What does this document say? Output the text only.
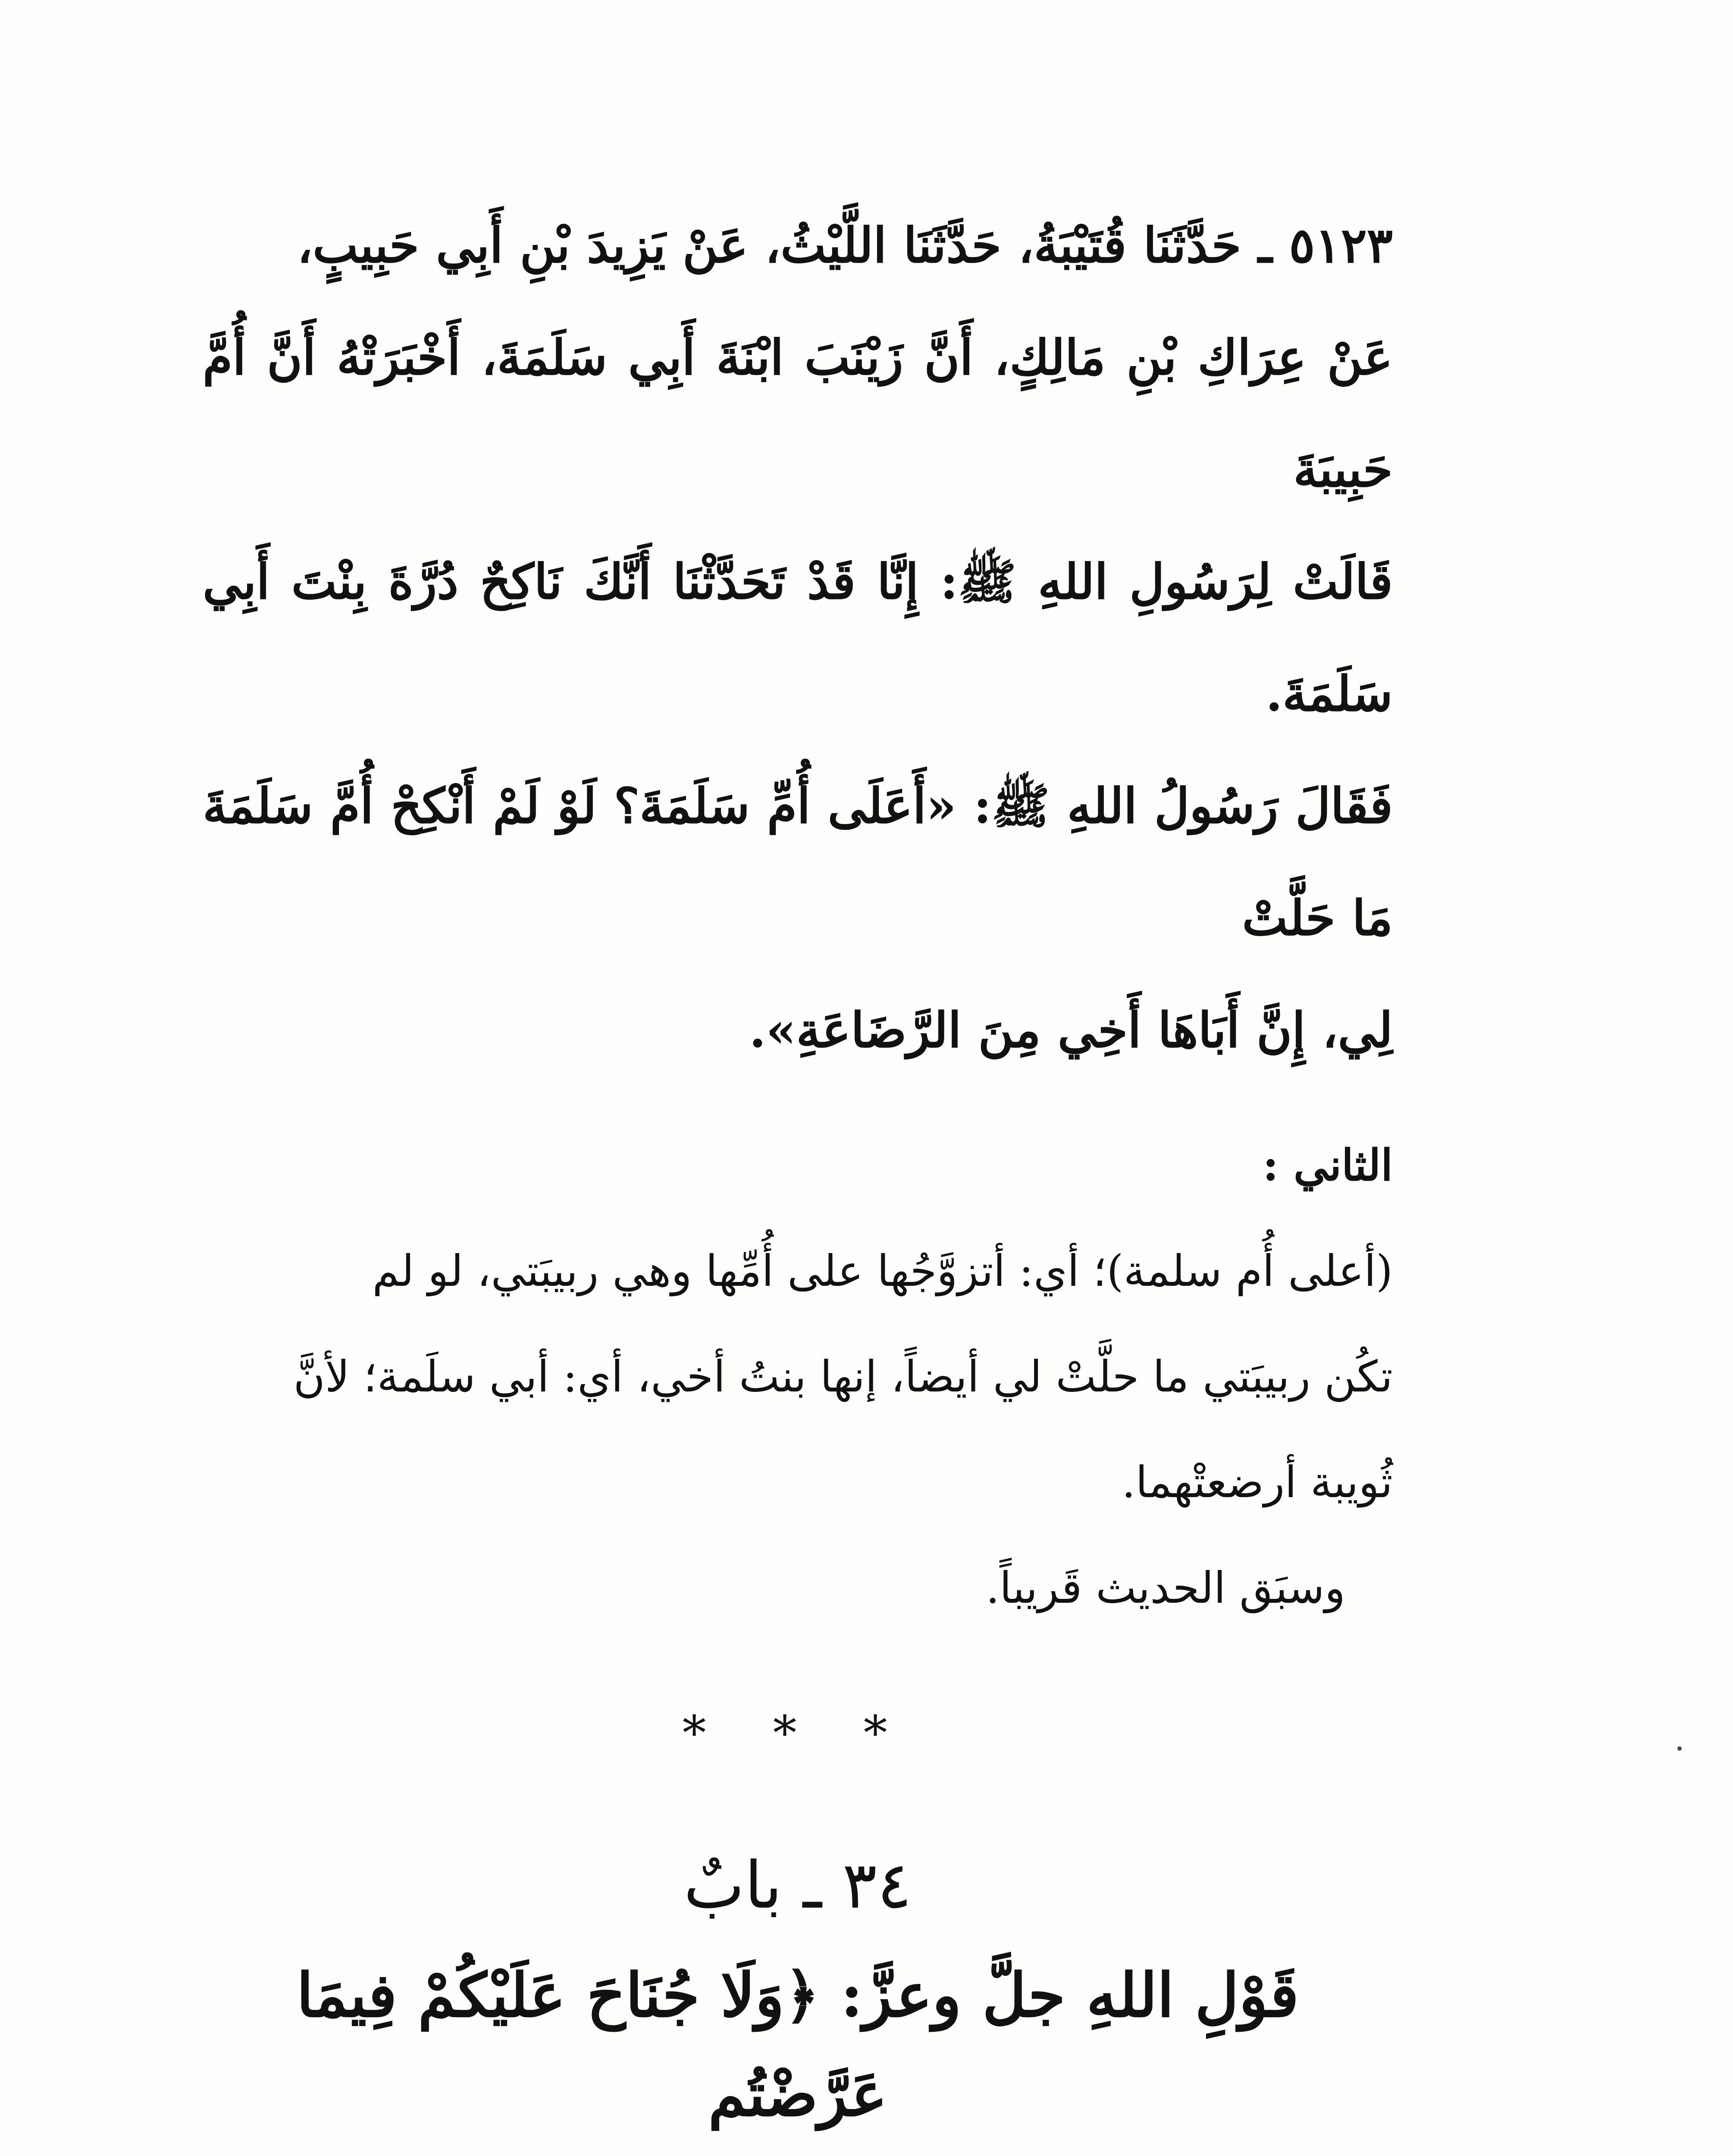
٥١٢٣ ـ حَدَّثَنَا قُتَيْبَةُ، حَدَّثَنَا اللَّيْثُ، عَنْ يَزِيدَ بْنِ أَبِي حَبِيبٍ،

عَنْ عِرَاكِ بْنِ مَالِكٍ، أَنَّ زَيْنَبَ ابْنَةَ أَبِي سَلَمَةَ، أَخْبَرَتْهُ أَنَّ أُمَّ حَبِيبَةَ

قَالَتْ لِرَسُولِ اللهِ ﷺ: إِنَّا قَدْ تَحَدَّثْنَا أَنَّكَ نَاكِحٌ دُرَّةَ بِنْتَ أَبِي سَلَمَةَ.

فَقَالَ رَسُولُ اللهِ ﷺ: «أَعَلَى أُمِّ سَلَمَةَ؟ لَوْ لَمْ أَنْكِحْ أُمَّ سَلَمَةَ مَا حَلَّتْ

لِي، إِنَّ أَبَاهَا أَخِي مِنَ الرَّضَاعَةِ».

الثاني :

(أعلى أُم سلمة)؛ أي: أتزوَّجُها على أُمِّها وهي ربيبَتي، لو لم

تكُن ربيبَتي ما حلَّتْ لي أيضاً، إنها بنتُ أخي، أي: أبي سلَمة؛ لأنَّ

ثُويبة أرضعتْهما.

وسبَق الحديث قَريباً.

* * *
٣٤ ـ بابٌ

قَوْلِ اللهِ جلَّ وعزَّ: ﴿وَلَا جُنَاحَ عَلَيْكُمْ فِيمَا عَرَّضْتُم
